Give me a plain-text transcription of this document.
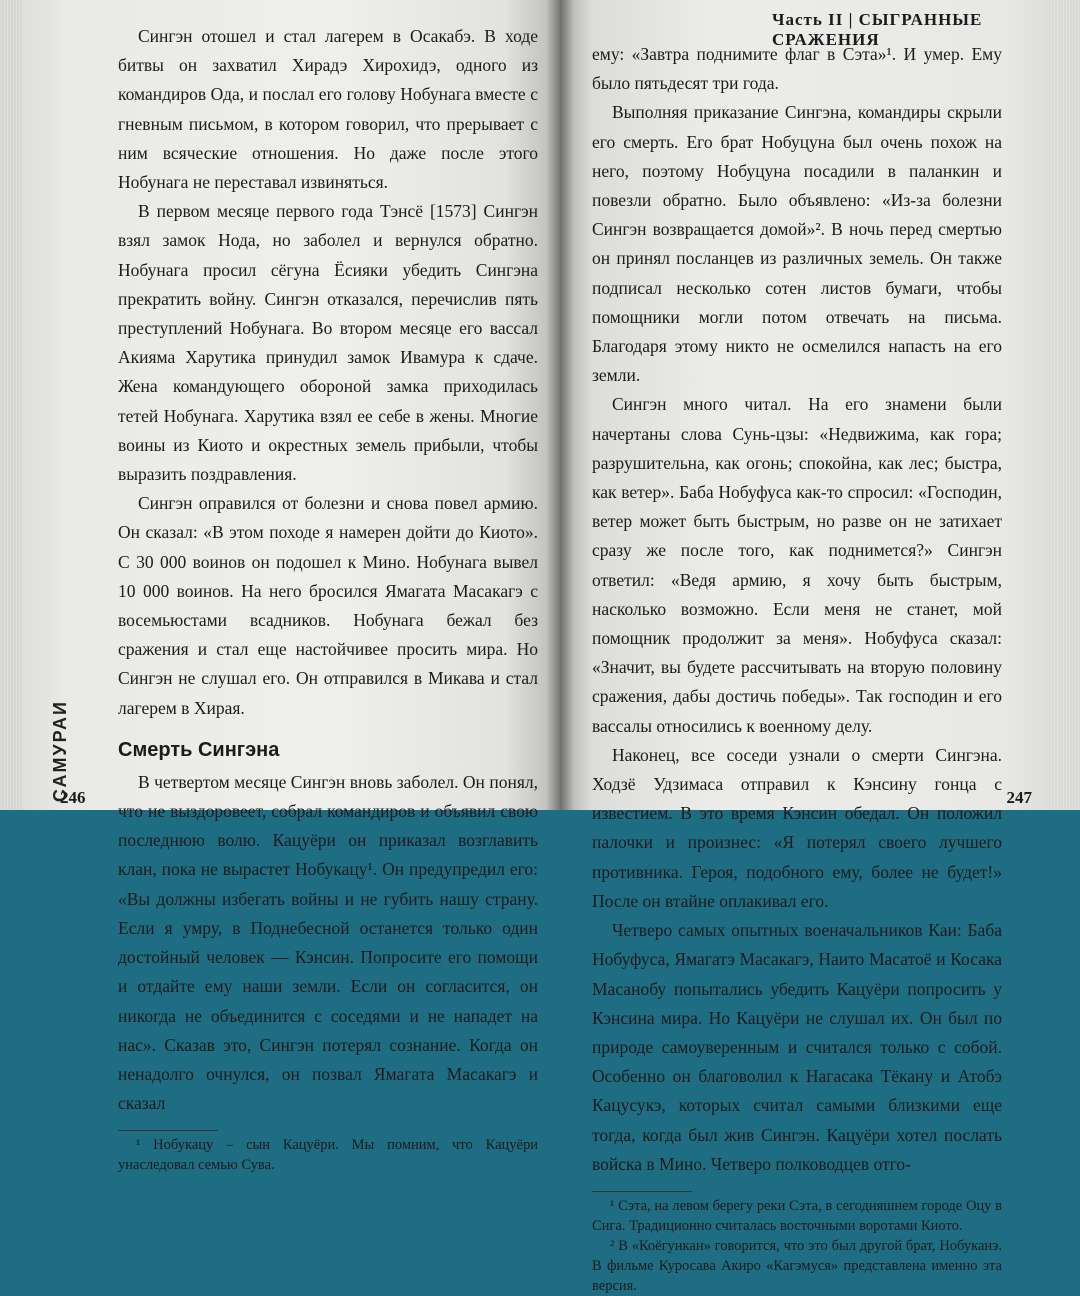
Сингэн отошел и стал лагерем в Осакабэ. В ходе битвы он захватил Хирадэ Хирохидэ, одного из командиров Ода, и послал его голову Нобунага вместе с гневным письмом, в котором говорил, что прерывает с ним всяческие отношения. Но даже после этого Нобунага не переставал извиняться.

В первом месяце первого года Тэнсё [1573] Сингэн взял замок Нода, но заболел и вернулся обратно. Нобунага просил сёгуна Ёсияки убедить Сингэна прекратить войну. Сингэн отказался, перечислив пять преступлений Нобунага. Во втором месяце его вассал Акияма Харутика принудил замок Ивамура к сдаче. Жена командующего обороной замка приходилась тетей Нобунага. Харутика взял ее себе в жены. Многие воины из Киото и окрестных земель прибыли, чтобы выразить поздравления.

Сингэн оправился от болезни и снова повел армию. Он сказал: «В этом походе я намерен дойти до Киото». С 30 000 воинов он подошел к Мино. Нобунага вывел 10 000 воинов. На него бросился Ямагата Масакагэ с восемьюстами всадников. Нобунага бежал без сражения и стал еще настойчивее просить мира. Но Сингэн не слушал его. Он отправился в Микава и стал лагерем в Хирая.

Смерть Сингэна

В четвертом месяце Сингэн вновь заболел. Он понял, что не выздоровеет, собрал командиров и объявил свою последнюю волю. Кацуёри он приказал возглавить клан, пока не вырастет Нобукацу¹. Он предупредил его: «Вы должны избегать войны и не губить нашу страну. Если я умру, в Поднебесной останется только один достойный человек — Кэнсин. Попросите его помощи и отдайте ему наши земли. Если он согласится, он никогда не объединится с соседями и не нападет на нас». Сказав это, Сингэн потерял сознание. Когда он ненадолго очнулся, он позвал Ямагата Масакагэ и сказал

¹ Нобукацу – сын Кацуёри. Мы помним, что Кацуёри унаследовал семью Сува.

САМУРАИ
246
Часть II | СЫГРАННЫЕ СРАЖЕНИЯ

ему: «Завтра поднимите флаг в Сэта»¹. И умер. Ему было пятьдесят три года.

Выполняя приказание Сингэна, командиры скрыли его смерть. Его брат Нобуцуна был очень похож на него, поэтому Нобуцуна посадили в паланкин и повезли обратно. Было объявлено: «Из-за болезни Сингэн возвращается домой»². В ночь перед смертью он принял посланцев из различных земель. Он также подписал несколько сотен листов бумаги, чтобы помощники могли потом отвечать на письма. Благодаря этому никто не осмелился напасть на его земли.

Сингэн много читал. На его знамени были начертаны слова Сунь-цзы: «Недвижима, как гора; разрушительна, как огонь; спокойна, как лес; быстра, как ветер». Баба Нобуфуса как-то спросил: «Господин, ветер может быть быстрым, но разве он не затихает сразу же после того, как поднимется?» Сингэн ответил: «Ведя армию, я хочу быть быстрым, насколько возможно. Если меня не станет, мой помощник продолжит за меня». Нобуфуса сказал: «Значит, вы будете рассчитывать на вторую половину сражения, дабы достичь победы». Так господин и его вассалы относились к военному делу.

Наконец, все соседи узнали о смерти Сингэна. Ходзё Удзимаса отправил к Кэнсину гонца с известием. В это время Кэнсин обедал. Он положил палочки и произнес: «Я потерял своего лучшего противника. Героя, подобного ему, более не будет!» После он втайне оплакивал его.

Четверо самых опытных военачальников Каи: Баба Нобуфуса, Ямагатэ Масакагэ, Наито Масатоё и Косака Масанобу попытались убедить Кацуёри попросить у Кэнсина мира. Но Кацуёри не слушал их. Он был по природе самоуверенным и считался только с собой. Особенно он благоволил к Нагасака Тёкану и Атобэ Кацусукэ, которых считал самыми близкими еще тогда, когда был жив Сингэн. Кацуёри хотел послать войска в Мино. Четверо полководцев отго-

¹ Сэта, на левом берегу реки Сэта, в сегодняшнем городе Оцу в Сига. Традиционно считалась восточными воротами Киото.

² В «Коёгункан» говорится, что это был другой брат, Нобуканэ. В фильме Куросава Акиро «Кагэмуся» представлена именно эта версия.

247
